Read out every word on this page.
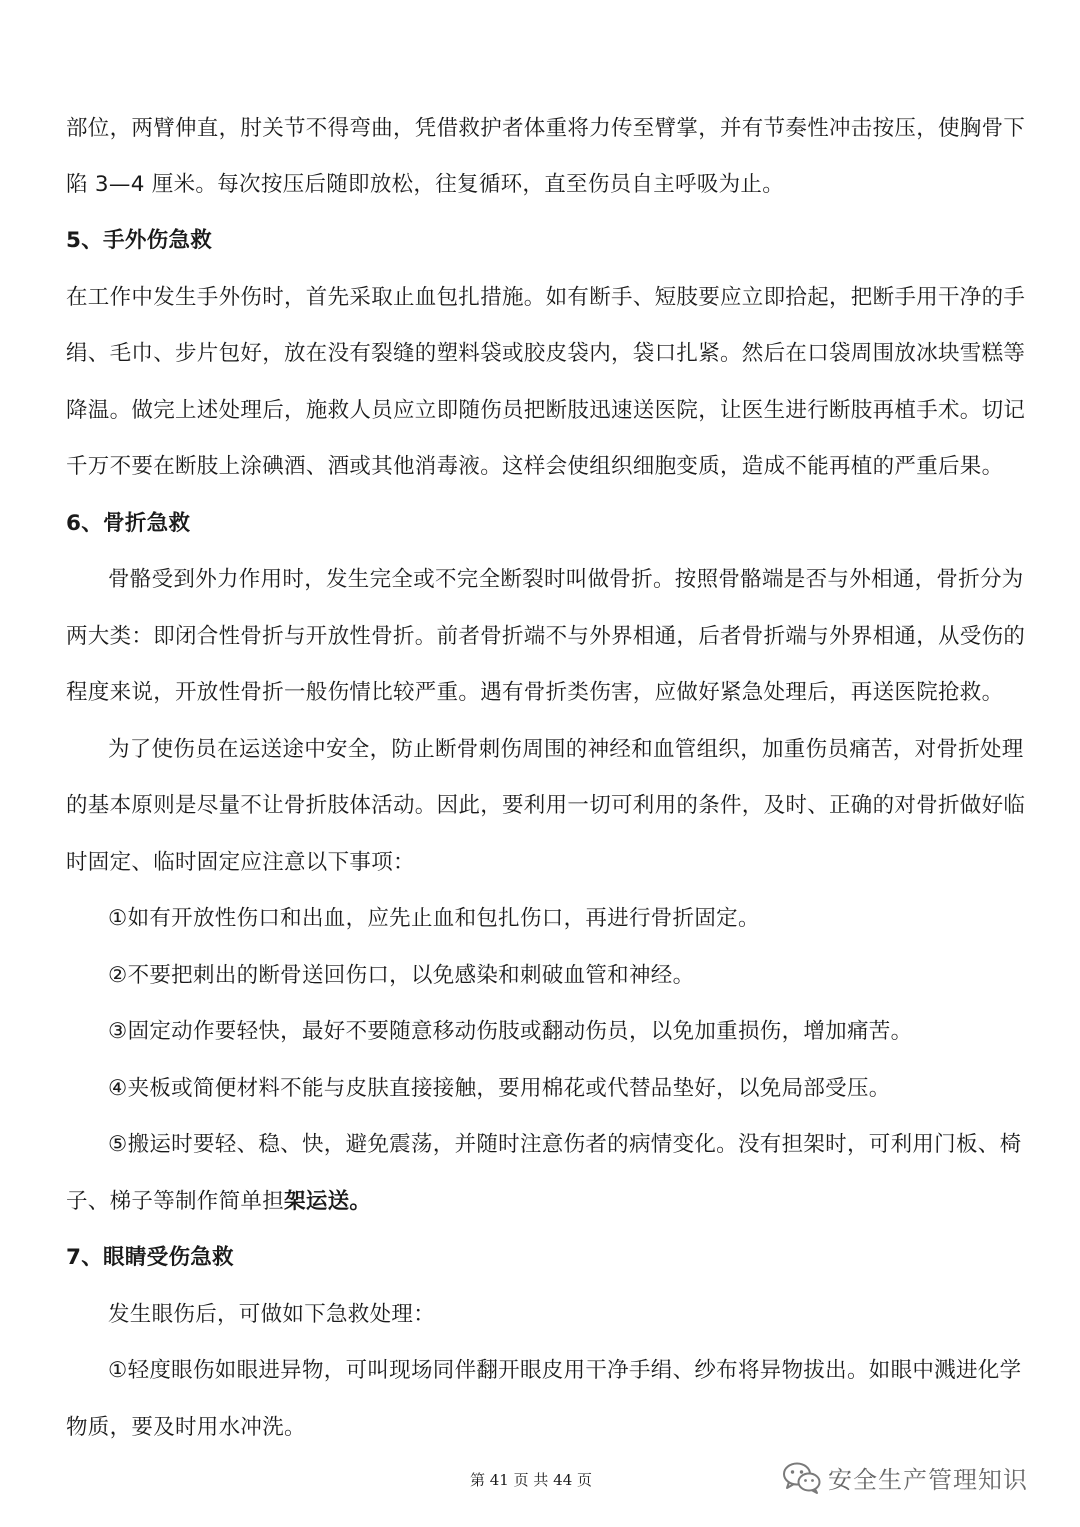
部位，两臂伸直，肘关节不得弯曲，凭借救护者体重将力传至臂掌，并有节奏性冲击按压，使胸骨下
陷 3—4 厘米。每次按压后随即放松，往复循环，直至伤员自主呼吸为止。
5、手外伤急救
在工作中发生手外伤时，首先采取止血包扎措施。如有断手、短肢要应立即拾起，把断手用干净的手
绢、毛巾、步片包好，放在没有裂缝的塑料袋或胶皮袋内，袋口扎紧。然后在口袋周围放冰块雪糕等
降温。做完上述处理后，施救人员应立即随伤员把断肢迅速送医院，让医生进行断肢再植手术。切记
千万不要在断肢上涂碘酒、酒或其他消毒液。这样会使组织细胞变质，造成不能再植的严重后果。
6、骨折急救
骨骼受到外力作用时，发生完全或不完全断裂时叫做骨折。按照骨骼端是否与外相通，骨折分为
两大类：即闭合性骨折与开放性骨折。前者骨折端不与外界相通，后者骨折端与外界相通，从受伤的
程度来说，开放性骨折一般伤情比较严重。遇有骨折类伤害，应做好紧急处理后，再送医院抢救。
为了使伤员在运送途中安全，防止断骨刺伤周围的神经和血管组织，加重伤员痛苦，对骨折处理
的基本原则是尽量不让骨折肢体活动。因此，要利用一切可利用的条件，及时、正确的对骨折做好临
时固定、临时固定应注意以下事项：
①如有开放性伤口和出血，应先止血和包扎伤口，再进行骨折固定。
②不要把刺出的断骨送回伤口，以免感染和刺破血管和神经。
③固定动作要轻快，最好不要随意移动伤肢或翻动伤员，以免加重损伤，增加痛苦。
④夹板或简便材料不能与皮肤直接接触，要用棉花或代替品垫好，以免局部受压。
⑤搬运时要轻、稳、快，避免震荡，并随时注意伤者的病情变化。没有担架时，可利用门板、椅
子、梯子等制作简单担架运送。
7、眼睛受伤急救
发生眼伤后，可做如下急救处理：
①轻度眼伤如眼进异物，可叫现场同伴翻开眼皮用干净手绢、纱布将异物拔出。如眼中溅进化学
物质，要及时用水冲洗。
第 41 页 共 44 页	安全生产管理知识
